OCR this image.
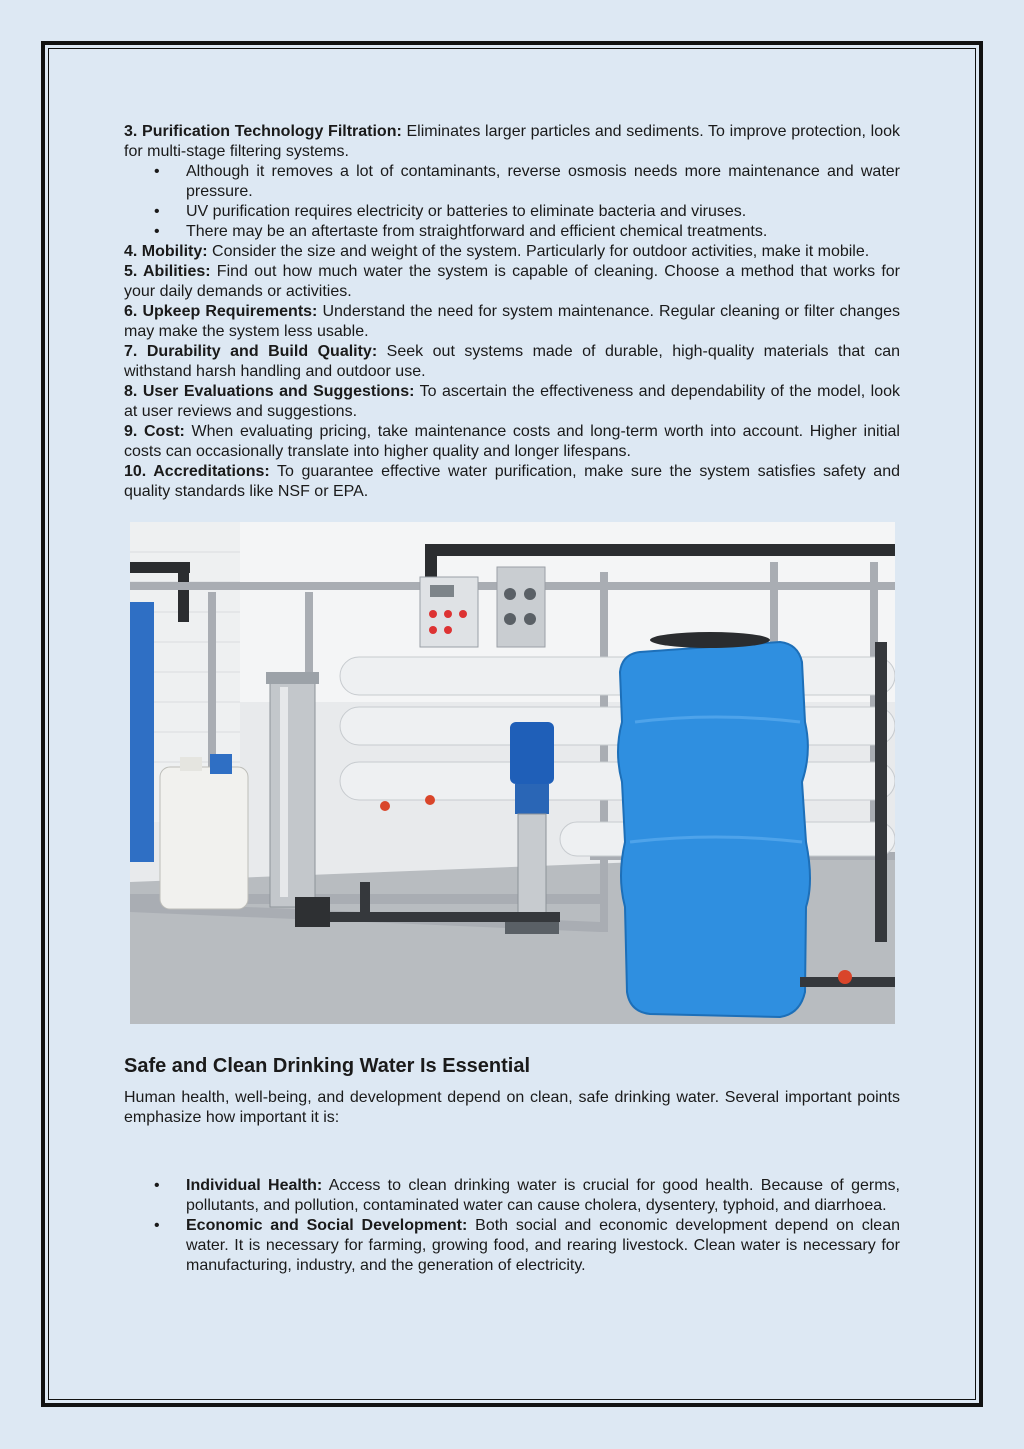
3. Purification Technology Filtration: Eliminates larger particles and sediments. To improve protection, look for multi-stage filtering systems.

• Although it removes a lot of contaminants, reverse osmosis needs more maintenance and water pressure.
• UV purification requires electricity or batteries to eliminate bacteria and viruses.
• There may be an aftertaste from straightforward and efficient chemical treatments.

4. Mobility: Consider the size and weight of the system. Particularly for outdoor activities, make it mobile.

5. Abilities: Find out how much water the system is capable of cleaning. Choose a method that works for your daily demands or activities.

6. Upkeep Requirements: Understand the need for system maintenance. Regular cleaning or filter changes may make the system less usable.

7. Durability and Build Quality: Seek out systems made of durable, high-quality materials that can withstand harsh handling and outdoor use.

8. User Evaluations and Suggestions: To ascertain the effectiveness and dependability of the model, look at user reviews and suggestions.

9. Cost: When evaluating pricing, take maintenance costs and long-term worth into account. Higher initial costs can occasionally translate into higher quality and longer lifespans.

10. Accreditations: To guarantee effective water purification, make sure the system satisfies safety and quality standards like NSF or EPA.

Safe and Clean Drinking Water Is Essential

Human health, well-being, and development depend on clean, safe drinking water. Several important points emphasize how important it is:

• Individual Health: Access to clean drinking water is crucial for good health. Because of germs, pollutants, and pollution, contaminated water can cause cholera, dysentery, typhoid, and diarrhoea.
• Economic and Social Development: Both social and economic development depend on clean water. It is necessary for farming, growing food, and rearing livestock. Clean water is necessary for manufacturing, industry, and the generation of electricity.
